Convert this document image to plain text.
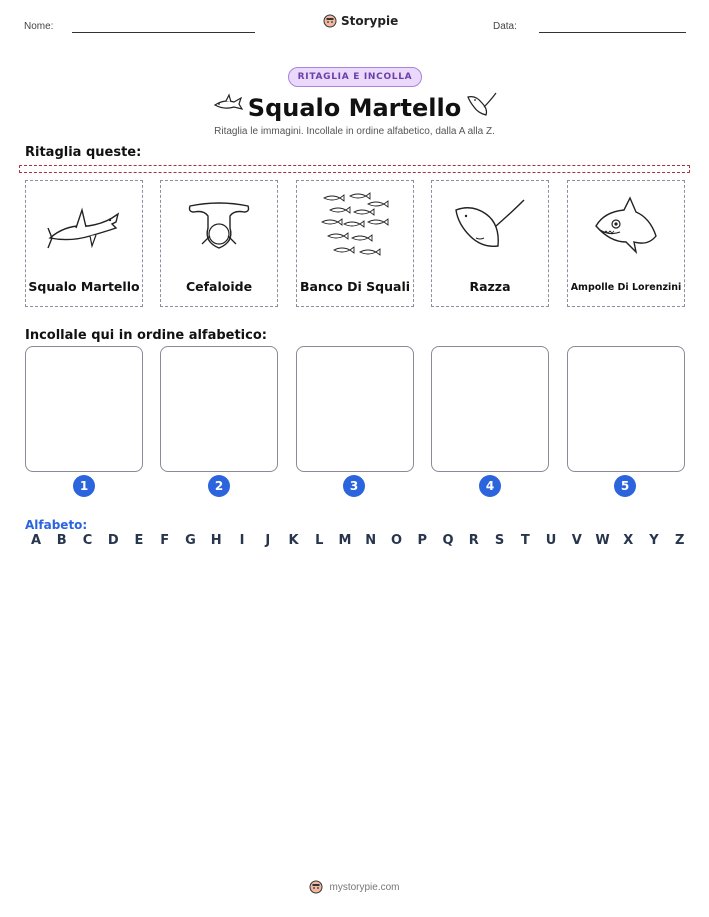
Nome:	Storypie	Data:
RITAGLIA E INCOLLA
Squalo Martello
Ritaglia le immagini. Incollale in ordine alfabetico, dalla A alla Z.
Ritaglia queste:
Squalo Martello	Cefaloide	Banco Di Squali	Razza	Ampolle Di Lorenzini
Incollale qui in ordine alfabetico:
1	2	3	4	5
Alfabeto:
A	B	C	D	E	F	G	H	I	J	K	L	M	N	O	P	Q	R	S	T	U	V	W	X	Y	Z
mystorypie.com
